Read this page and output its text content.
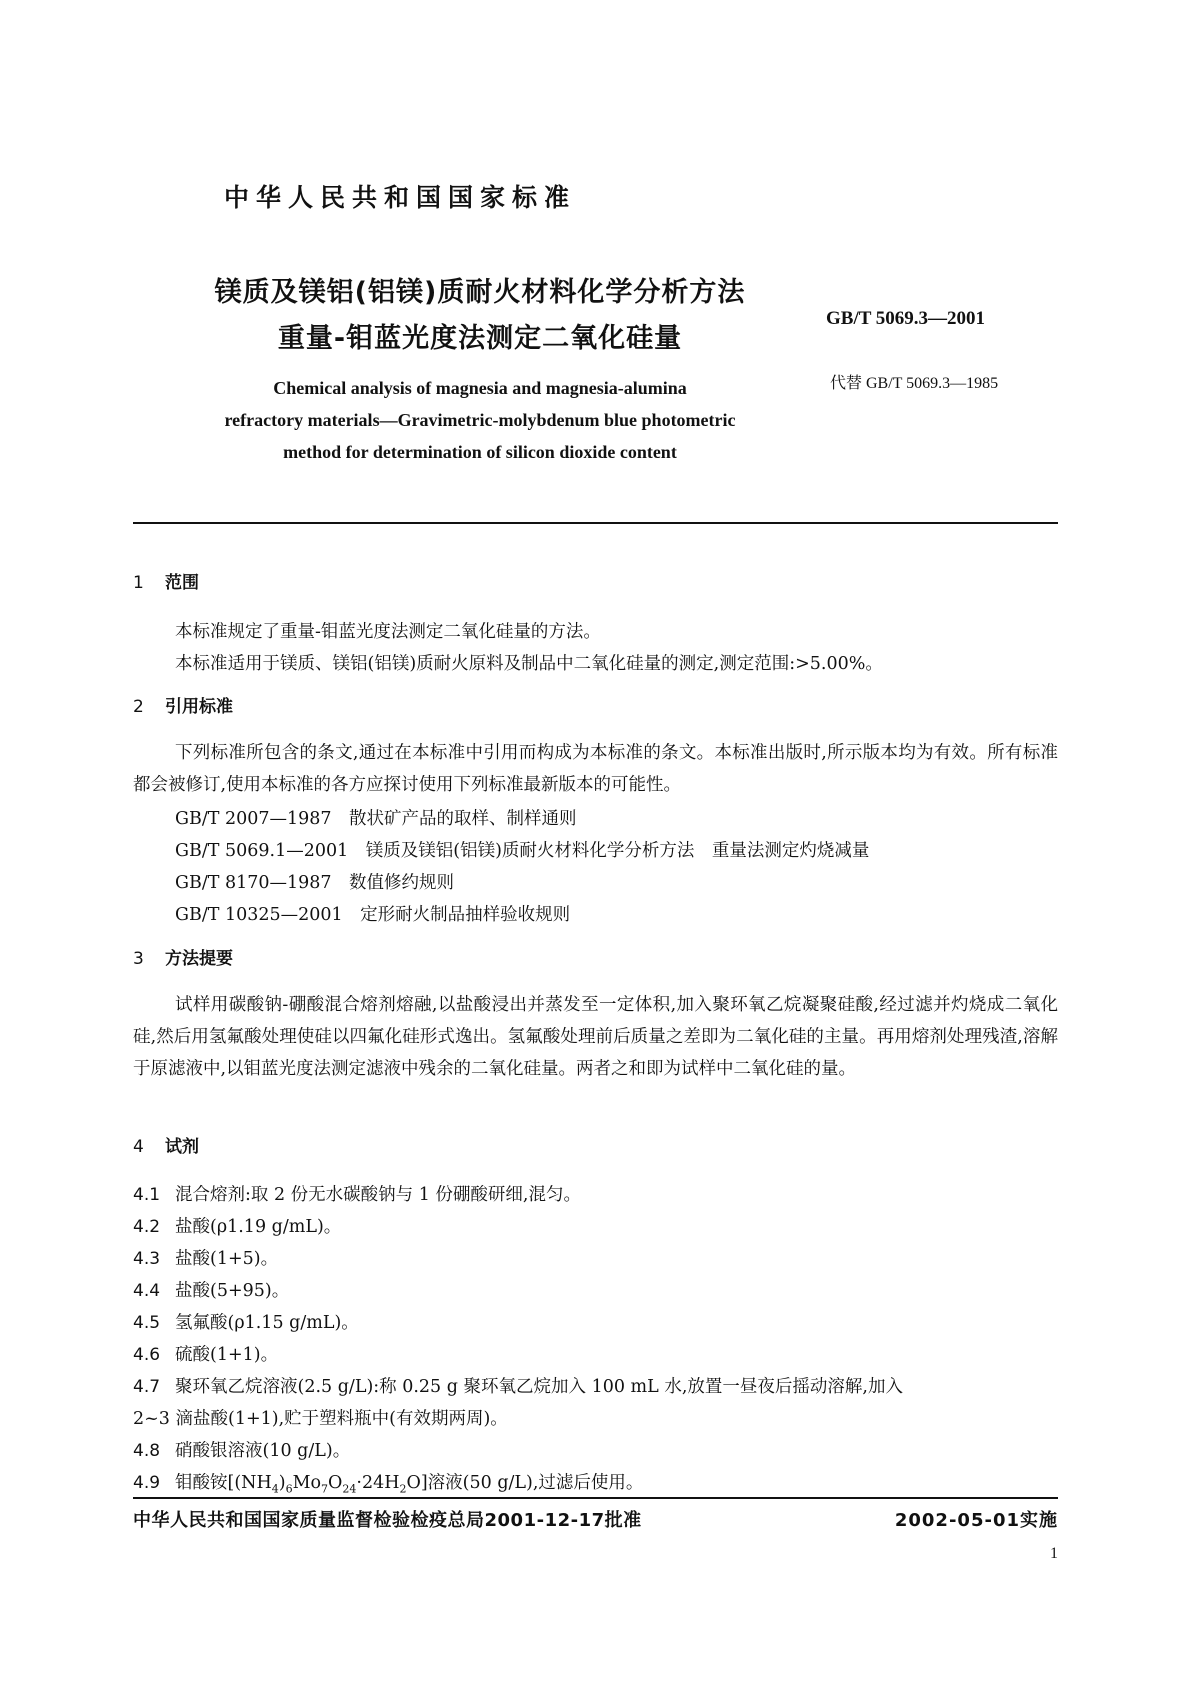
中华人民共和国国家标准
镁质及镁铝(铝镁)质耐火材料化学分析方法
重量-钼蓝光度法测定二氧化硅量
GB/T 5069.3—2001
代替 GB/T 5069.3—1985
Chemical analysis of magnesia and magnesia-alumina
refractory materials—Gravimetric-molybdenum blue photometric
method for determination of silicon dioxide content
1 范围
本标准规定了重量-钼蓝光度法测定二氧化硅量的方法。
本标准适用于镁质、镁铝(铝镁)质耐火原料及制品中二氧化硅量的测定,测定范围:>5.00%。
2 引用标准
下列标准所包含的条文,通过在本标准中引用而构成为本标准的条文。本标准出版时,所示版本均为有效。所有标准都会被修订,使用本标准的各方应探讨使用下列标准最新版本的可能性。
GB/T 2007—1987　散状矿产品的取样、制样通则
GB/T 5069.1—2001　镁质及镁铝(铝镁)质耐火材料化学分析方法　重量法测定灼烧减量
GB/T 8170—1987　数值修约规则
GB/T 10325—2001　定形耐火制品抽样验收规则
3 方法提要
试样用碳酸钠-硼酸混合熔剂熔融,以盐酸浸出并蒸发至一定体积,加入聚环氧乙烷凝聚硅酸,经过滤并灼烧成二氧化硅,然后用氢氟酸处理使硅以四氟化硅形式逸出。氢氟酸处理前后质量之差即为二氧化硅的主量。再用熔剂处理残渣,溶解于原滤液中,以钼蓝光度法测定滤液中残余的二氧化硅量。两者之和即为试样中二氧化硅的量。
4 试剂
4.1 混合熔剂:取 2 份无水碳酸钠与 1 份硼酸研细,混匀。
4.2 盐酸(ρ1.19 g/mL)。
4.3 盐酸(1+5)。
4.4 盐酸(5+95)。
4.5 氢氟酸(ρ1.15 g/mL)。
4.6 硫酸(1+1)。
4.7 聚环氧乙烷溶液(2.5 g/L):称 0.25 g 聚环氧乙烷加入 100 mL 水,放置一昼夜后摇动溶解,加入
2~3 滴盐酸(1+1),贮于塑料瓶中(有效期两周)。
4.8 硝酸银溶液(10 g/L)。
4.9 钼酸铵$[(NH_4)_6Mo_7O_{24}\cdot 24H_2O]$溶液(50 g/L),过滤后使用。
中华人民共和国国家质量监督检验检疫总局2001-12-17批准	2002-05-01实施
1
